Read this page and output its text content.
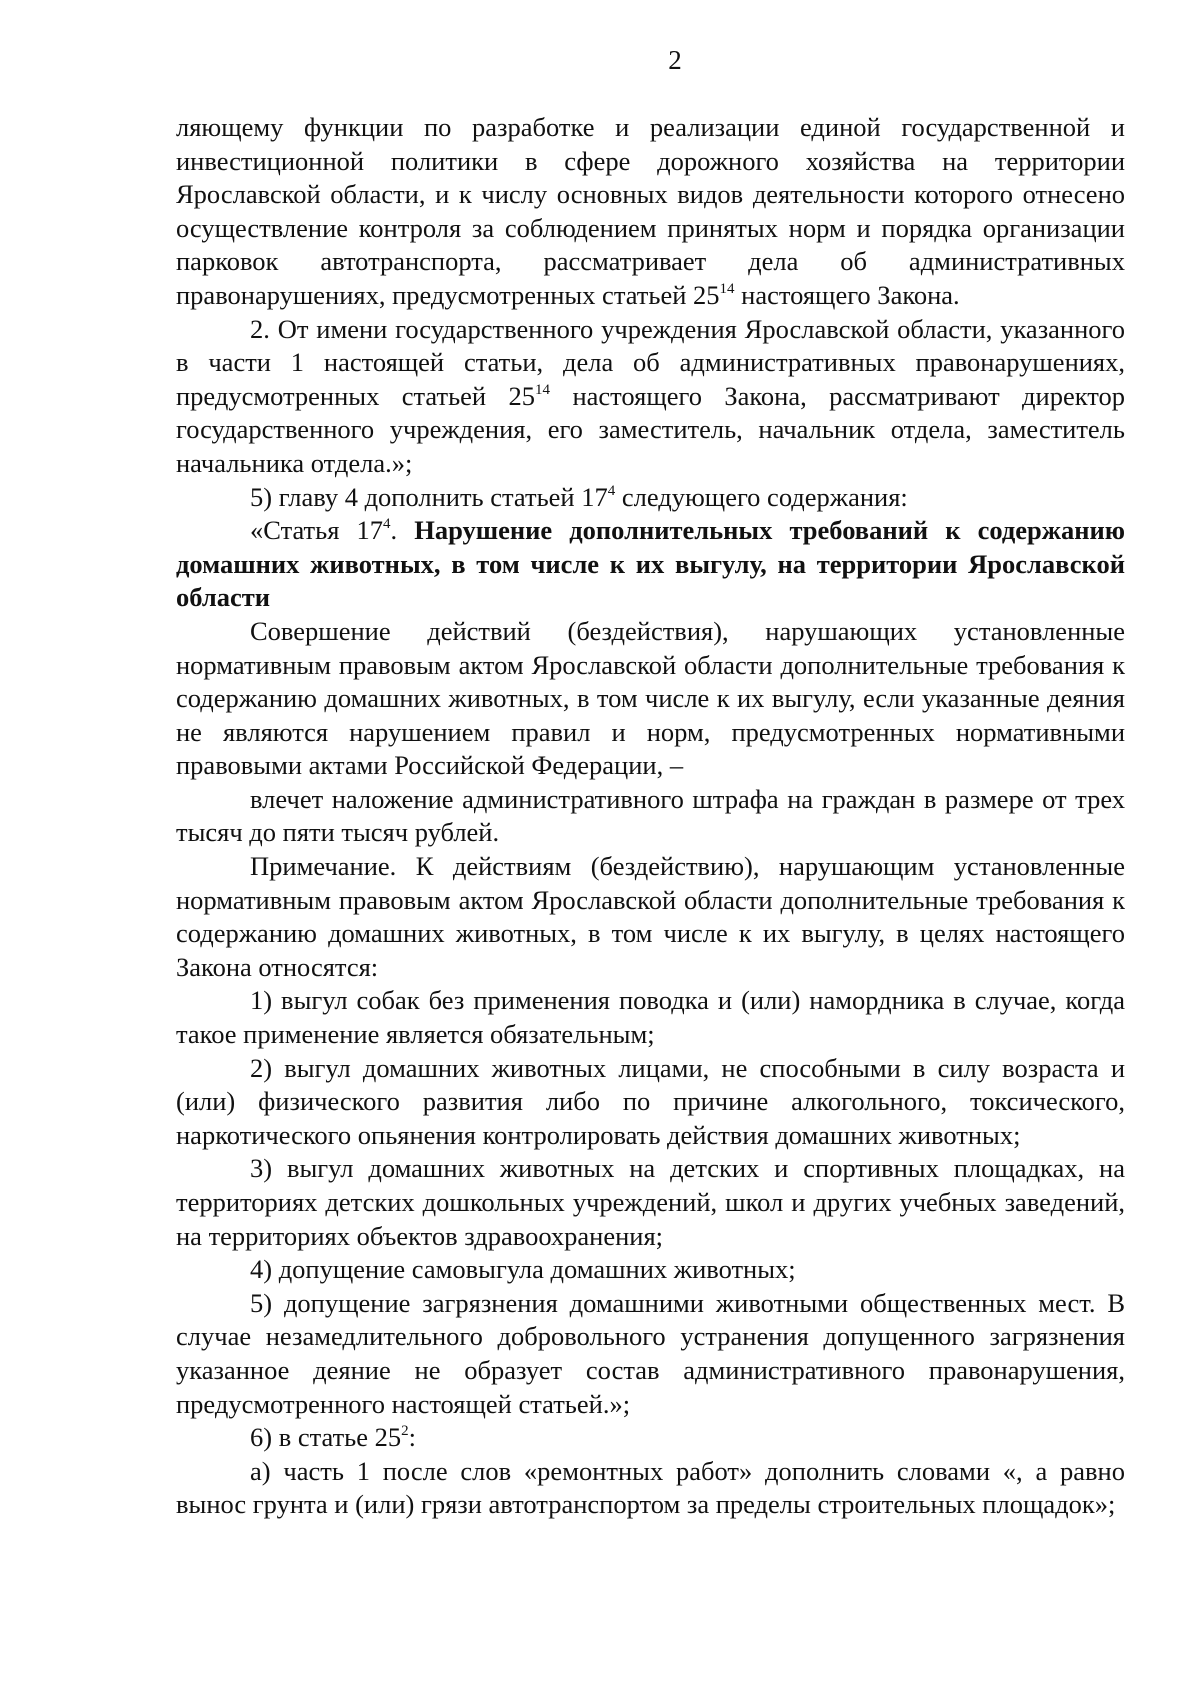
2

ляющему функции по разработке и реализации единой государственной и инвестиционной политики в сфере дорожного хозяйства на территории Ярославской области, и к числу основных видов деятельности которого отнесено осуществление контроля за соблюдением принятых норм и порядка организации парковок автотранспорта, рассматривает дела об административных правонарушениях, предусмотренных статьей $25^{14}$ настоящего Закона.

2. От имени государственного учреждения Ярославской области, указанного в части 1 настоящей статьи, дела об административных правонарушениях, предусмотренных статьей $25^{14}$ настоящего Закона, рассматривают директор государственного учреждения, его заместитель, начальник отдела, заместитель начальника отдела.»;

5) главу 4 дополнить статьей $17^4$ следующего содержания:

«Статья $17^4$. Нарушение дополнительных требований к содержанию домашних животных, в том числе к их выгулу, на территории Ярославской области

Совершение действий (бездействия), нарушающих установленные нормативным правовым актом Ярославской области дополнительные требования к содержанию домашних животных, в том числе к их выгулу, если указанные деяния не являются нарушением правил и норм, предусмотренных нормативными правовыми актами Российской Федерации, –

влечет наложение административного штрафа на граждан в размере от трех тысяч до пяти тысяч рублей.

Примечание. К действиям (бездействию), нарушающим установленные нормативным правовым актом Ярославской области дополнительные требования к содержанию домашних животных, в том числе к их выгулу, в целях настоящего Закона относятся:

1) выгул собак без применения поводка и (или) намордника в случае, когда такое применение является обязательным;

2) выгул домашних животных лицами, не способными в силу возраста и (или) физического развития либо по причине алкогольного, токсического, наркотического опьянения контролировать действия домашних животных;

3) выгул домашних животных на детских и спортивных площадках, на территориях детских дошкольных учреждений, школ и других учебных заведений, на территориях объектов здравоохранения;

4) допущение самовыгула домашних животных;

5) допущение загрязнения домашними животными общественных мест. В случае незамедлительного добровольного устранения допущенного загрязнения указанное деяние не образует состав административного правонарушения, предусмотренного настоящей статьей.»;

6) в статье $25^2$:

а) часть 1 после слов «ремонтных работ» дополнить словами «, а равно вынос грунта и (или) грязи автотранспортом за пределы строительных площадок»;
